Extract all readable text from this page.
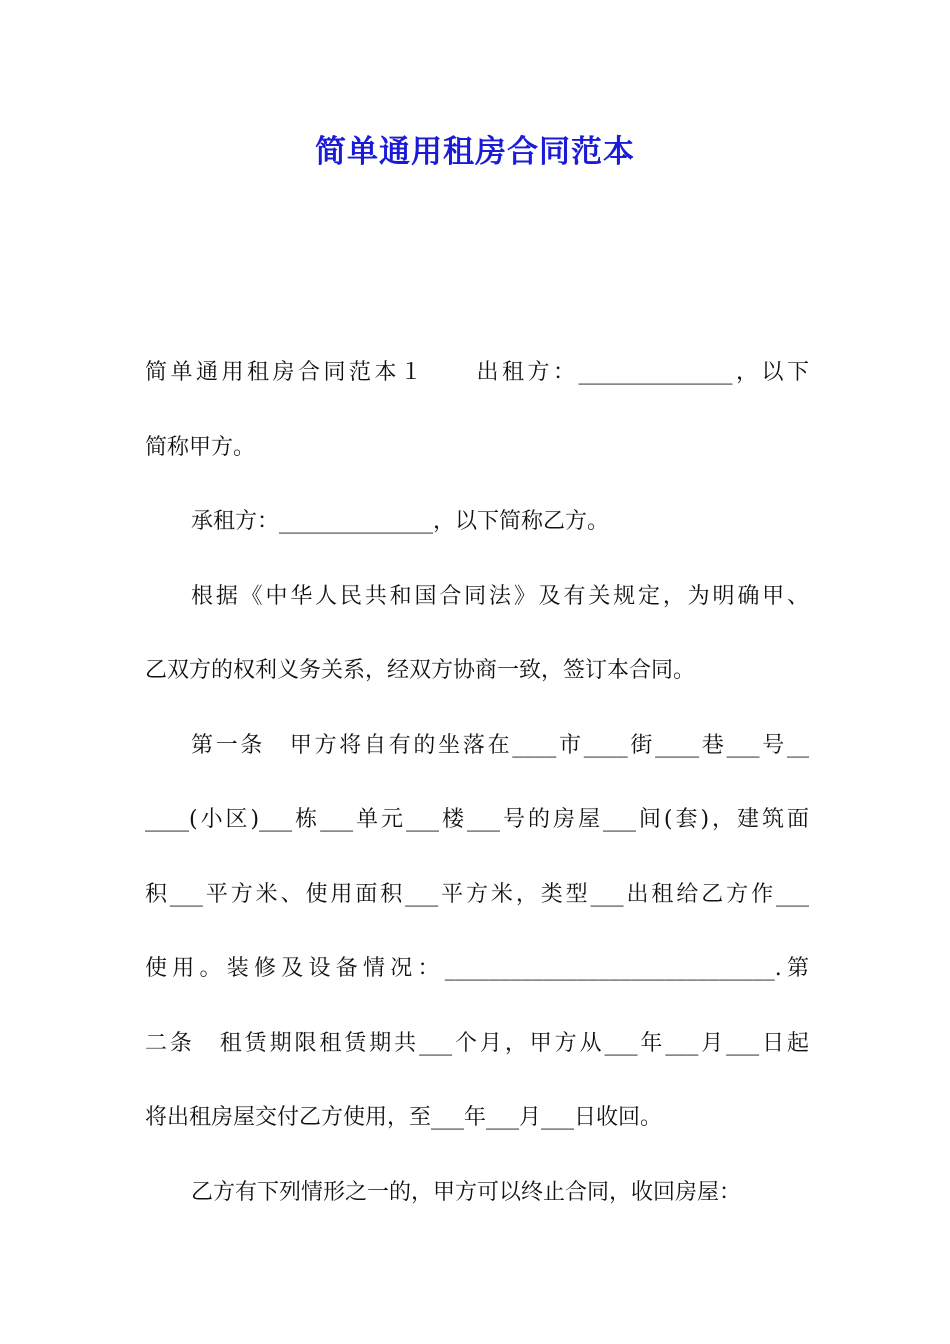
简单通用租房合同范本
简单通用租房合同范本１　　出租方：______________，以下
简称甲方。
承租方：______________，以下简称乙方。
根据《中华人民共和国合同法》及有关规定，为明确甲、
乙双方的权利义务关系，经双方协商一致，签订本合同。
第一条　甲方将自有的坐落在____市____街____巷___号__
____(小区)___栋___单元___楼___号的房屋___间(套)，建筑面
积___平方米、使用面积___平方米，类型___出租给乙方作___
使用。装修及设备情况：______________________________.第
二条　租赁期限租赁期共___个月，甲方从___年___月___日起
将出租房屋交付乙方使用，至___年___月___日收回。
乙方有下列情形之一的，甲方可以终止合同，收回房屋：
